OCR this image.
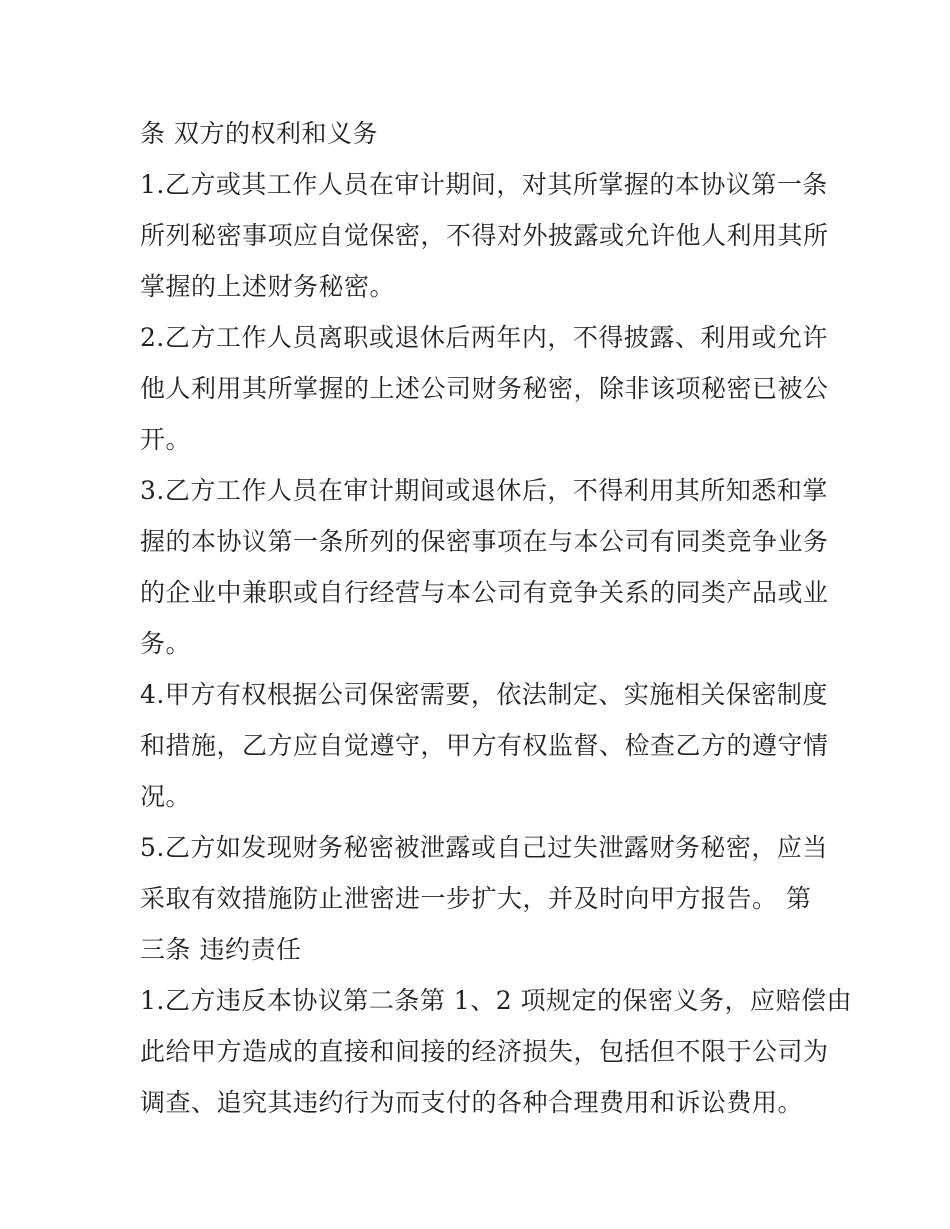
条 双方的权利和义务
1.乙方或其工作人员在审计期间，对其所掌握的本协议第一条
所列秘密事项应自觉保密，不得对外披露或允许他人利用其所
掌握的上述财务秘密。
2.乙方工作人员离职或退休后两年内，不得披露、利用或允许
他人利用其所掌握的上述公司财务秘密，除非该项秘密已被公
开。
3.乙方工作人员在审计期间或退休后，不得利用其所知悉和掌
握的本协议第一条所列的保密事项在与本公司有同类竞争业务
的企业中兼职或自行经营与本公司有竞争关系的同类产品或业
务。
4.甲方有权根据公司保密需要，依法制定、实施相关保密制度
和措施，乙方应自觉遵守，甲方有权监督、检查乙方的遵守情
况。
5.乙方如发现财务秘密被泄露或自己过失泄露财务秘密，应当
采取有效措施防止泄密进一步扩大，并及时向甲方报告。 第
三条 违约责任
1.乙方违反本协议第二条第 1、2 项规定的保密义务，应赔偿由
此给甲方造成的直接和间接的经济损失，包括但不限于公司为
调查、追究其违约行为而支付的各种合理费用和诉讼费用。
